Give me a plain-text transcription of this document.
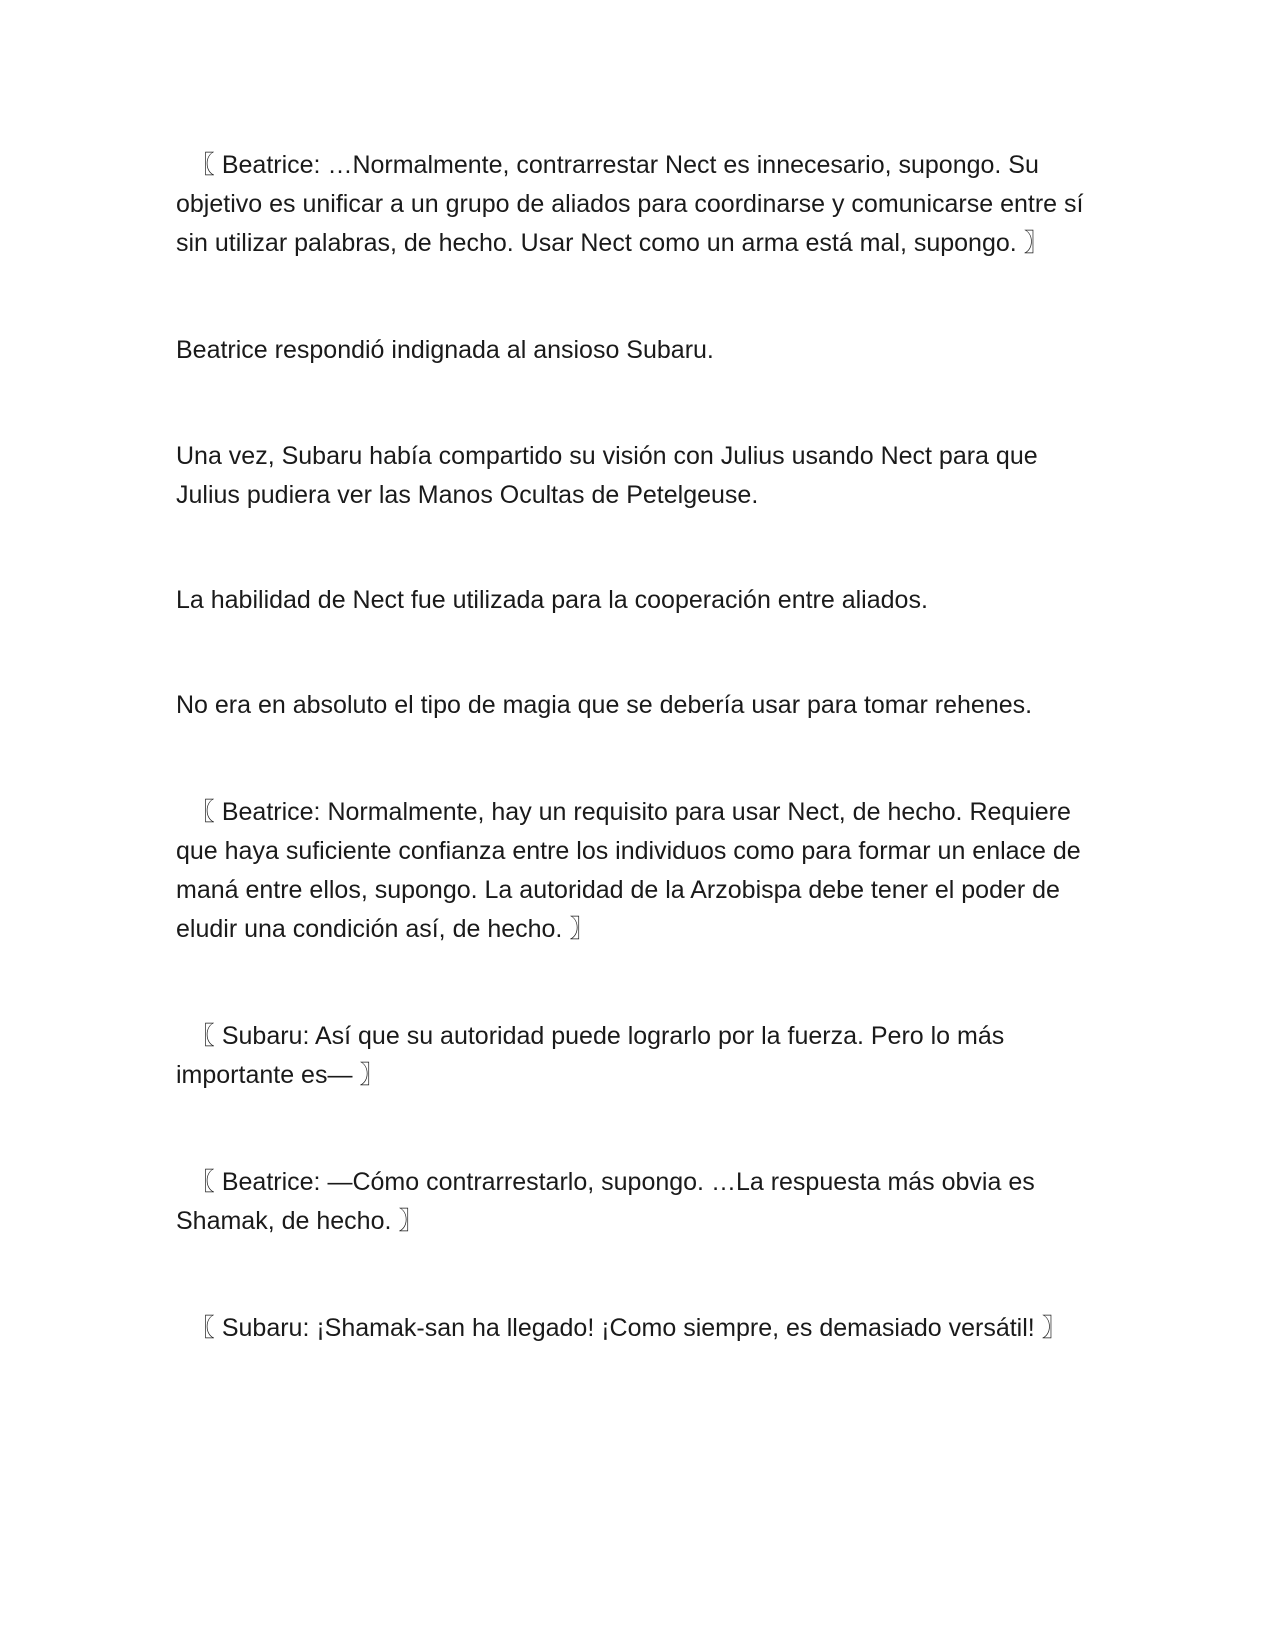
〖 Beatrice: …Normalmente, contrarrestar Nect es innecesario, supongo. Su objetivo es unificar a un grupo de aliados para coordinarse y comunicarse entre sí sin utilizar palabras, de hecho. Usar Nect como un arma está mal, supongo. 〗

Beatrice respondió indignada al ansioso Subaru.

Una vez, Subaru había compartido su visión con Julius usando Nect para que Julius pudiera ver las Manos Ocultas de Petelgeuse.

La habilidad de Nect fue utilizada para la cooperación entre aliados.

No era en absoluto el tipo de magia que se debería usar para tomar rehenes.

〖 Beatrice: Normalmente, hay un requisito para usar Nect, de hecho. Requiere que haya suficiente confianza entre los individuos como para formar un enlace de maná entre ellos, supongo. La autoridad de la Arzobispa debe tener el poder de eludir una condición así, de hecho. 〗

〖 Subaru: Así que su autoridad puede lograrlo por la fuerza. Pero lo más importante es— 〗

〖 Beatrice: —Cómo contrarrestarlo, supongo. …La respuesta más obvia es Shamak, de hecho. 〗

〖 Subaru: ¡Shamak-san ha llegado! ¡Como siempre, es demasiado versátil! 〗
